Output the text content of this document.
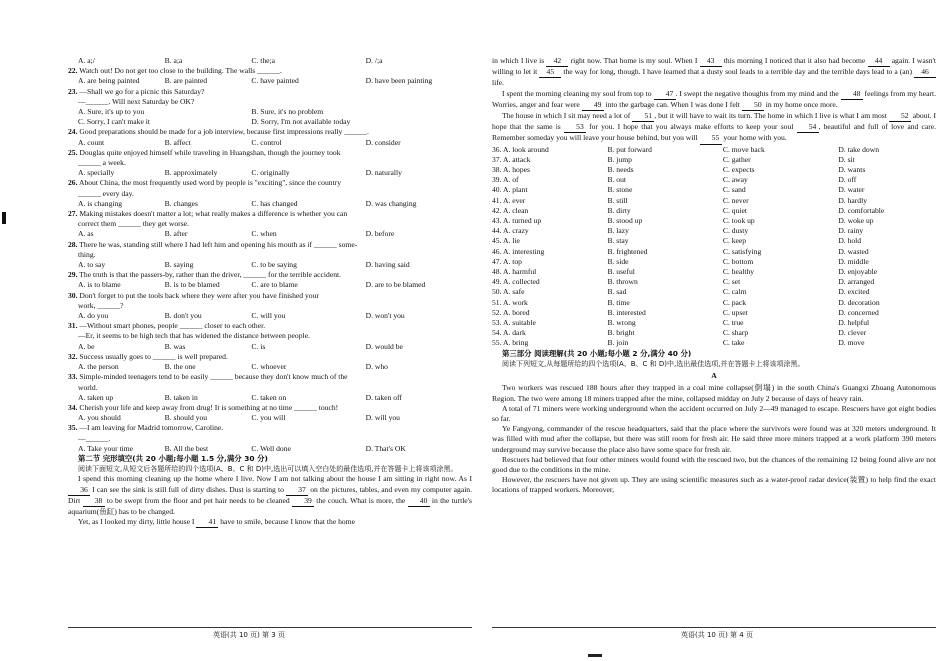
A. a;/	B. a;a	C. the;a	D. /;a
22. Watch out! Do not get too close to the building. The walls ______.
A. are being painted	B. are painted	C. have painted	D. have been painting
23. —Shall we go for a picnic this Saturday?
—______. Will next Saturday be OK?
A. Sure, it's up to you	B. Sure, it's no problem
C. Sorry, I can't make it	D. Sorry, I'm not available today
24. Good preparations should be made for a job interview, because first impressions really ______.
A. count	B. affect	C. control	D. consider
25. Douglas quite enjoyed himself while traveling in Huangshan, though the journey took
______ a week.
A. specially	B. approximately	C. originally	D. naturally
26. About China, the most frequently used word by people is "exciting", since the country
______ every day.
A. is changing	B. changes	C. has changed	D. was changing
27. Making mistakes doesn't matter a lot; what really makes a difference is whether you can
correct them ______ they get worse.
A. as	B. after	C. when	D. before
28. There he was, standing still where I had left him and opening his mouth as if ______ some-
thing.
A. to say	B. saying	C. to be saying	D. having said
29. The truth is that the passers-by, rather than the driver, ______ for the terrible accident.
A. is to blame	B. is to be blamed	C. are to blame	D. are to be blamed
30. Don't forget to put the tools back where they were after you have finished your
work, ______?
A. do you	B. don't you	C. will you	D. won't you
31. —Without smart phones, people ______ closer to each other.
—Er, it seems to be high tech that has widened the distance between people.
A. be	B. was	C. is	D. would be
32. Success usually goes to ______ is well prepared.
A. the person	B. the one	C. whoever	D. who
33. Simple-minded teenagers tend to be easily ______ because they don't know much of the
world.
A. taken up	B. taken in	C. taken on	D. taken off
34. Cherish your life and keep away from drug! It is something at no time ______ touch!
A. you should	B. should you	C. you will	D. will you
35. —I am leaving for Madrid tomorrow, Caroline.
—______.
A. Take your time	B. All the best	C. Well done	D. That's OK
第二节 完形填空(共 20 小题;每小题 1.5 分,满分 30 分)
阅读下面短文,从短文后各题所给的四个选项(A、B、C 和 D)中,选出可以填入空白处的最佳选项,并在答题卡上将该项涂黑。
I spend this morning cleaning up the home where I live. Now I am not talking about the house I am sitting in right now. As I 36 I can see the sink is still full of dirty dishes. Dust is starting to 37 on the pictures, tables, and even my computer again. Dirt 38 to be swept from the floor and pet hair needs to be cleaned 39 the couch. What is more, the 40 in the turtle's aquarium(鱼缸) has to be changed.
Yet, as I looked my dirty, little house I 41 have to smile, because I know that the home
英语(共 10 页) 第 3 页
in which I live is 42 right now. That home is my soul. When I 43 this morning I noticed that it also had become 44 again. I wasn't willing to let it 45 the way for long, though. I have learned that a dusty soul leads to a terrible day and the terrible days lead to a (an) 46 life.
I spent the morning cleaning my soul from top to 47 . I swept the negative thoughts from my mind and the 48 feelings from my heart. Worries, anger and fear were 49 into the garbage can. When I was done I felt 50 in my home once more.
The house in which I sit may need a lot of 51 , but it will have to wait its turn. The home in which I live is what I am most 52 about. I hope that the same is 53 for you. I hope that you always make efforts to keep your soul 54 , beautiful and full of love and care. Remember someday you will leave your house behind, but you will 55 your home with you.
36. A. look around	B. put forward	C. move back	D. take down
37. A. attack	B. jump	C. gather	D. sit
38. A. hopes	B. needs	C. expects	D. wants
39. A. of	B. out	C. away	D. off
40. A. plant	B. stone	C. sand	D. water
41. A. ever	B. still	C. never	D. hardly
42. A. clean	B. dirty	C. quiet	D. comfortable
43. A. turned up	B. stood up	C. took up	D. woke up
44. A. crazy	B. lazy	C. dusty	D. rainy
45. A. lie	B. stay	C. keep	D. hold
46. A. interesting	B. frightened	C. satisfying	D. wasted
47. A. top	B. side	C. bottom	D. middle
48. A. harmful	B. useful	C. healthy	D. enjoyable
49. A. collected	B. thrown	C. set	D. arranged
50. A. safe	B. sad	C. calm	D. excited
51. A. work	B. time	C. pack	D. decoration
52. A. bored	B. interested	C. upset	D. concerned
53. A. suitable	B. wrong	C. true	D. helpful
54. A. dark	B. bright	C. sharp	D. clever
55. A. bring	B. join	C. take	D. move
第三部分 阅读理解(共 20 小题;每小题 2 分,满分 40 分)
阅读下列短文,从每题所给的四个选项(A、B、C 和 D)中,选出最佳选项,并在答题卡上将该项涂黑。
A
Two workers was rescued 188 hours after they trapped in a coal mine collapse(倒塌) in the south China's Guangxi Zhuang Autonomous Region. The two were among 18 miners trapped after the mine, collapsed midday on July 2 because of days of heavy rain.
A total of 71 miners were working underground when the accident occurred on July 2—49 managed to escape. Rescuers have got eight bodies so far.
Ye Fangyong, commander of the rescue headquarters, said that the place where the survivors were found was at 320 meters underground. It was filled with mud after the collapse, but there was still room for fresh air. He said three more miners trapped at a work platform 390 meters underground may survive because the place also have some space for fresh air.
Rescuers had believed that four other miners would found with the rescued two, but the chances of the remaining 12 being found alive are not good due to the conditions in the mine.
However, the rescuers have not given up. They are using scientific measures such as a water-proof radar device(装置) to help find the exact locations of trapped workers. Moreover,
英语(共 10 页) 第 4 页
